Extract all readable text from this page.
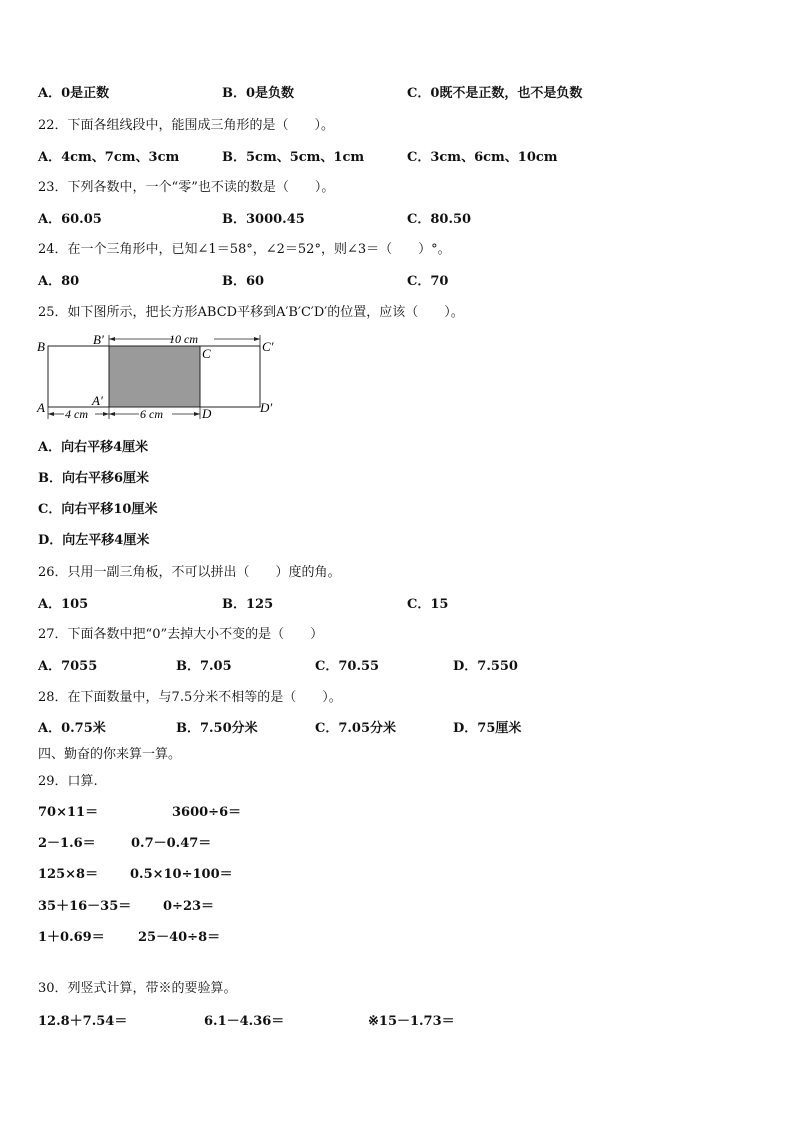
A．0是正数	B．0是负数	C．0既不是正数，也不是负数
22．下面各组线段中，能围成三角形的是（　　）。
A．4cm、7cm、3cm	B．5cm、5cm、1cm	C．3cm、6cm、10cm
23．下列各数中，一个“零”也不读的数是（　　）。
A．60.05	B．3000.45	C．80.50
24．在一个三角形中，已知∠1＝58°，∠2＝52°，则∠3＝（　　）°。
A．80	B．60	C．70
25．如下图所示，把长方形ABCD平移到A′B′C′D′的位置，应该（　　）。
10 cm
4 cm	6 cm
B	B′
C	C′
A	A′
D	D′
A．向右平移4厘米
B．向右平移6厘米
C．向右平移10厘米
D．向左平移4厘米
26．只用一副三角板，不可以拼出（　　）度的角。
A．105	B．125	C．15
27．下面各数中把“0”去掉大小不变的是（　　）
A．7055	B．7.05	C．70.55	D．7.550
28．在下面数量中，与7.5分米不相等的是（　　）。
A．0.75米	B．7.50分米	C．7.05分米	D．75厘米
四、勤奋的你来算一算。
29．口算.
70×11＝	3600÷6＝
2－1.6＝	0.7－0.47＝
125×8＝ 0.5×10÷100＝
35＋16－35＝ 0÷23＝
1＋0.69＝	25－40÷8＝
30．列竖式计算，带※的要验算。
12.8＋7.54＝	6.1－4.36＝	※15－1.73＝
